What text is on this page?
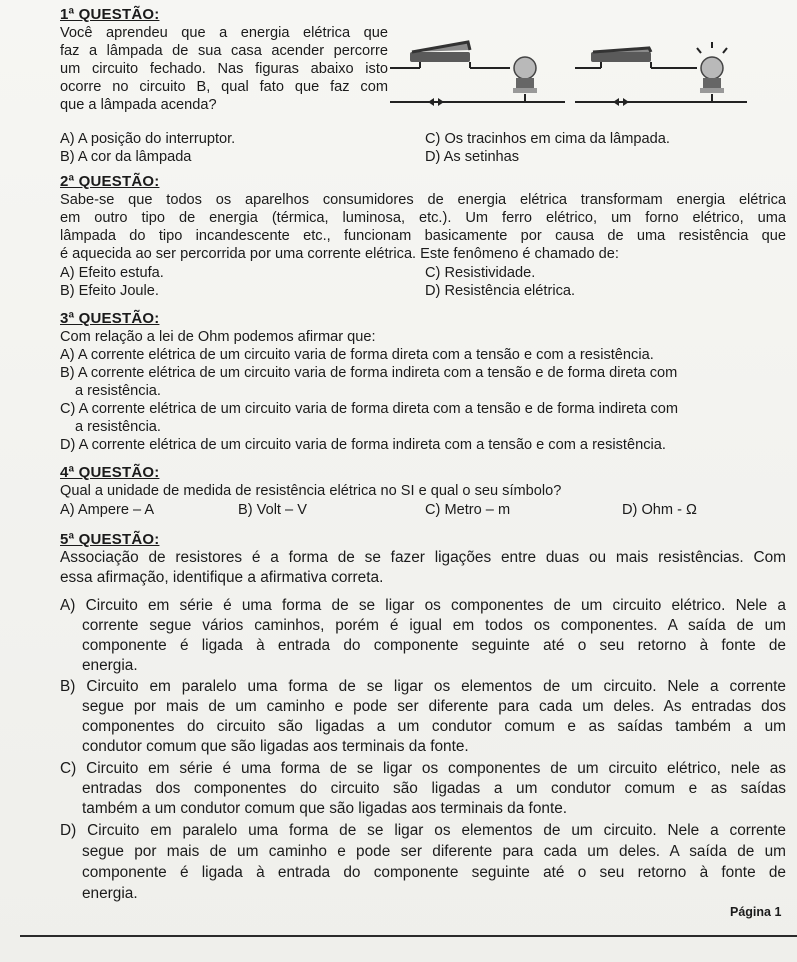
1ª QUESTÃO:
Você aprendeu que a energia elétrica que
faz a lâmpada de sua casa acender percorre
um circuito fechado. Nas figuras abaixo isto
ocorre no circuito B, qual fato que faz com
que a lâmpada acenda?
A) A posição do interruptor.
B) A cor da lâmpada
C) Os tracinhos em cima da lâmpada.
D) As setinhas
2ª QUESTÃO:
Sabe-se que todos os aparelhos consumidores de energia elétrica transformam energia elétrica
em outro tipo de energia (térmica, luminosa, etc.). Um ferro elétrico, um forno elétrico, uma
lâmpada do tipo incandescente etc., funcionam basicamente por causa de uma resistência que
é aquecida ao ser percorrida por uma corrente elétrica. Este fenômeno é chamado de:
A) Efeito estufa.
B) Efeito Joule.
C) Resistividade.
D) Resistência elétrica.
3ª QUESTÃO:
Com relação a lei de Ohm podemos afirmar que:
A) A corrente elétrica de um circuito varia de forma direta com a tensão e com a resistência.
B) A corrente elétrica de um circuito varia de forma indireta com a tensão e de forma direta com
a resistência.
C) A corrente elétrica de um circuito varia de forma direta com a tensão e de forma indireta com
a resistência.
D) A corrente elétrica de um circuito varia de forma indireta com a tensão e com a resistência.
4ª QUESTÃO:
Qual a unidade de medida de resistência elétrica no SI e qual o seu símbolo?
A) Ampere – A	B) Volt – V	C) Metro – m	D) Ohm - Ω
5ª QUESTÃO:
Associação de resistores é a forma de se fazer ligações entre duas ou mais resistências. Com
essa afirmação, identifique a afirmativa correta.
A) Circuito em série é uma forma de se ligar os componentes de um circuito elétrico. Nele a
corrente segue vários caminhos, porém é igual em todos os componentes. A saída de um
componente é ligada à entrada do componente seguinte até o seu retorno à fonte de
energia.
B) Circuito em paralelo uma forma de se ligar os elementos de um circuito. Nele a corrente
segue por mais de um caminho e pode ser diferente para cada um deles. As entradas dos
componentes do circuito são ligadas a um condutor comum e as saídas também a um
condutor comum que são ligadas aos terminais da fonte.
C) Circuito em série é uma forma de se ligar os componentes de um circuito elétrico, nele as
entradas dos componentes do circuito são ligadas a um condutor comum e as saídas
também a um condutor comum que são ligadas aos terminais da fonte.
D) Circuito em paralelo uma forma de se ligar os elementos de um circuito. Nele a corrente
segue por mais de um caminho e pode ser diferente para cada um deles. A saída de um
componente é ligada à entrada do componente seguinte até o seu retorno à fonte de
energia.
Página 1
